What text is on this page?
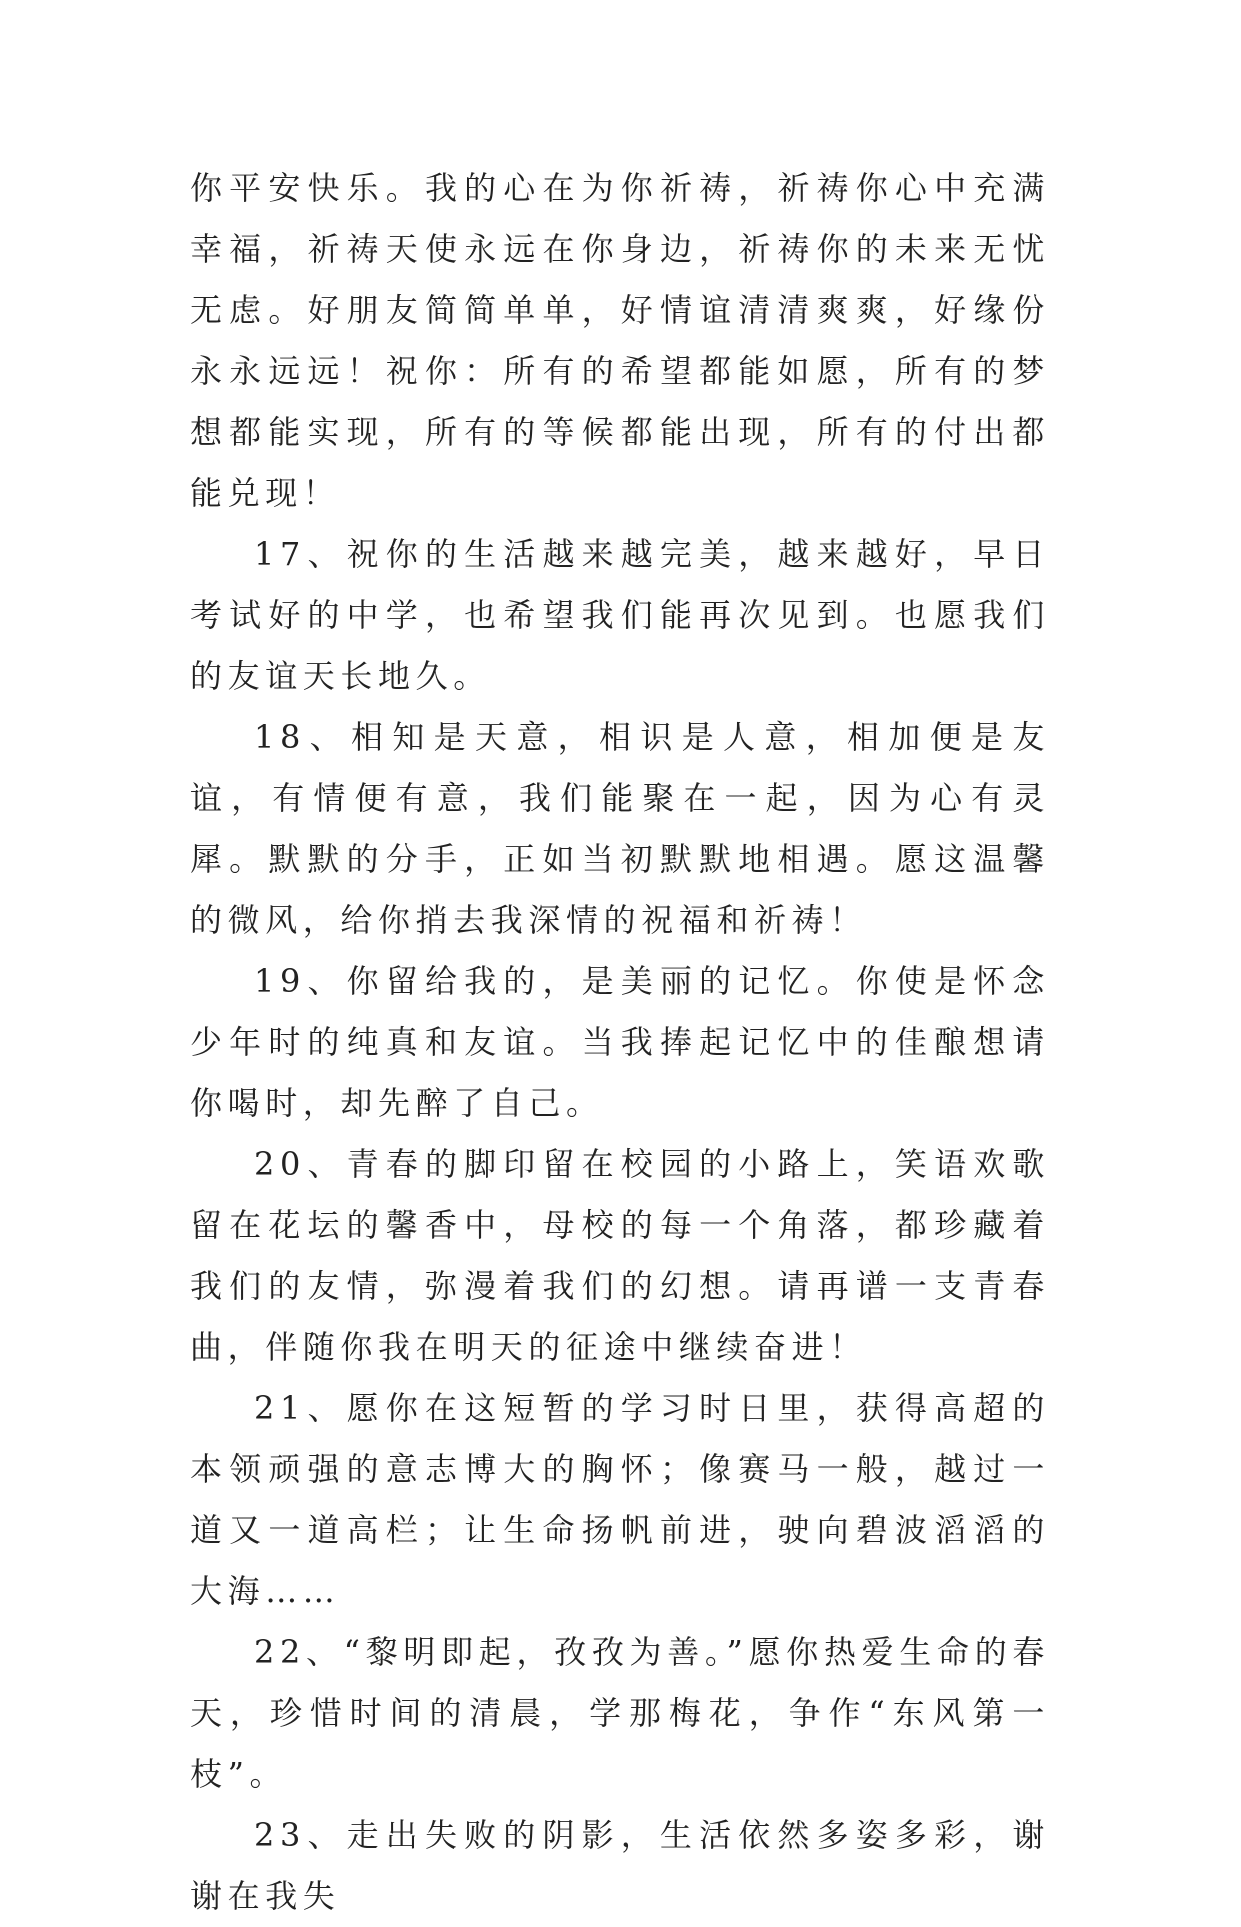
你平安快乐。我的心在为你祈祷，祈祷你心中充满幸福，祈祷天使永远在你身边，祈祷你的未来无忧无虑。好朋友简简单单，好情谊清清爽爽，好缘份永永远远！祝你：所有的希望都能如愿，所有的梦想都能实现，所有的等候都能出现，所有的付出都能兑现！

17、祝你的生活越来越完美，越来越好，早日考试好的中学，也希望我们能再次见到。也愿我们的友谊天长地久。

18、相知是天意，相识是人意，相加便是友谊，有情便有意，我们能聚在一起，因为心有灵犀。默默的分手，正如当初默默地相遇。愿这温馨的微风，给你捎去我深情的祝福和祈祷！

19、你留给我的，是美丽的记忆。你使是怀念少年时的纯真和友谊。当我捧起记忆中的佳酿想请你喝时，却先醉了自己。

20、青春的脚印留在校园的小路上，笑语欢歌留在花坛的馨香中，母校的每一个角落，都珍藏着我们的友情，弥漫着我们的幻想。请再谱一支青春曲，伴随你我在明天的征途中继续奋进！

21、愿你在这短暂的学习时日里，获得高超的本领顽强的意志博大的胸怀；像赛马一般，越过一道又一道高栏；让生命扬帆前进，驶向碧波滔滔的大海……

22、“黎明即起，孜孜为善。”愿你热爱生命的春天，珍惜时间的清晨，学那梅花，争作“东风第一枝”。

23、走出失败的阴影，生活依然多姿多彩，谢谢在我失
